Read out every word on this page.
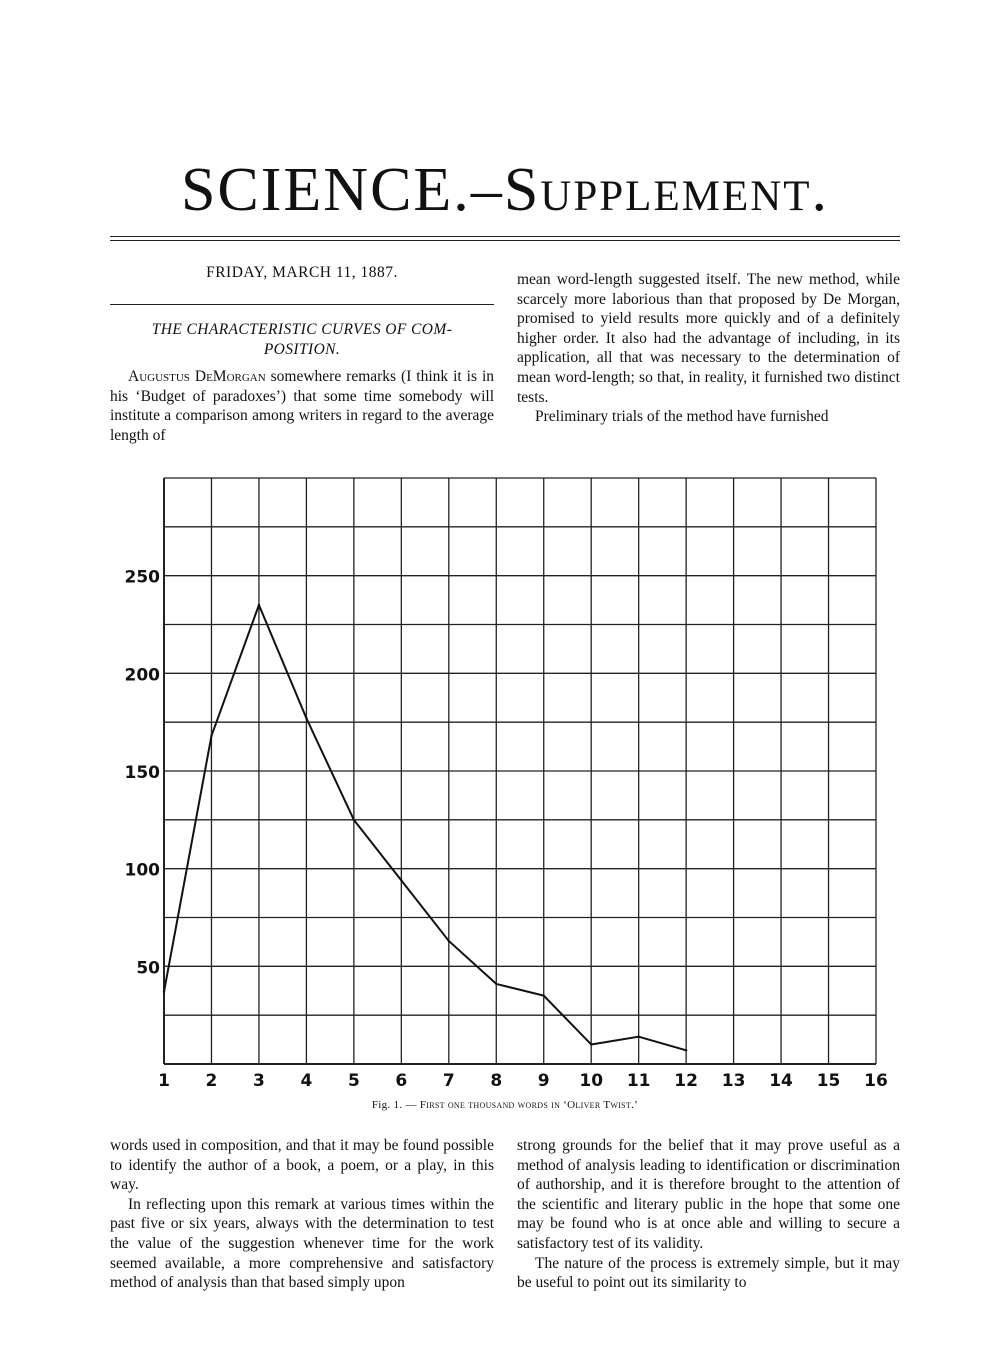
SCIENCE.–Supplement.
FRIDAY, MARCH 11, 1887.
THE CHARACTERISTIC CURVES OF COM-
POSITION.

Augustus DeMorgan somewhere remarks (I think it is in his ‘Budget of paradoxes’) that some time somebody will institute a comparison among writers in regard to the average length of

mean word-length suggested itself. The new method, while scarcely more laborious than that proposed by De Morgan, promised to yield results more quickly and of a definitely higher order. It also had the advantage of including, in its application, all that was necessary to the determination of mean word-length; so that, in reality, it furnished two distinct tests.

Preliminary trials of the method have furnished

50
100
150
200
250
1 2 3 4 5 6 7 8 9 10 11 12 13 14 15 16
Fig. 1. — First one thousand words in ‘Oliver Twist.’

words used in composition, and that it may be found possible to identify the author of a book, a poem, or a play, in this way.

In reflecting upon this remark at various times within the past five or six years, always with the determination to test the value of the suggestion whenever time for the work seemed available, a more comprehensive and satisfactory method of analysis than that based simply upon

strong grounds for the belief that it may prove useful as a method of analysis leading to identification or discrimination of authorship, and it is therefore brought to the attention of the scientific and literary public in the hope that some one may be found who is at once able and willing to secure a satisfactory test of its validity.

The nature of the process is extremely simple, but it may be useful to point out its similarity to
